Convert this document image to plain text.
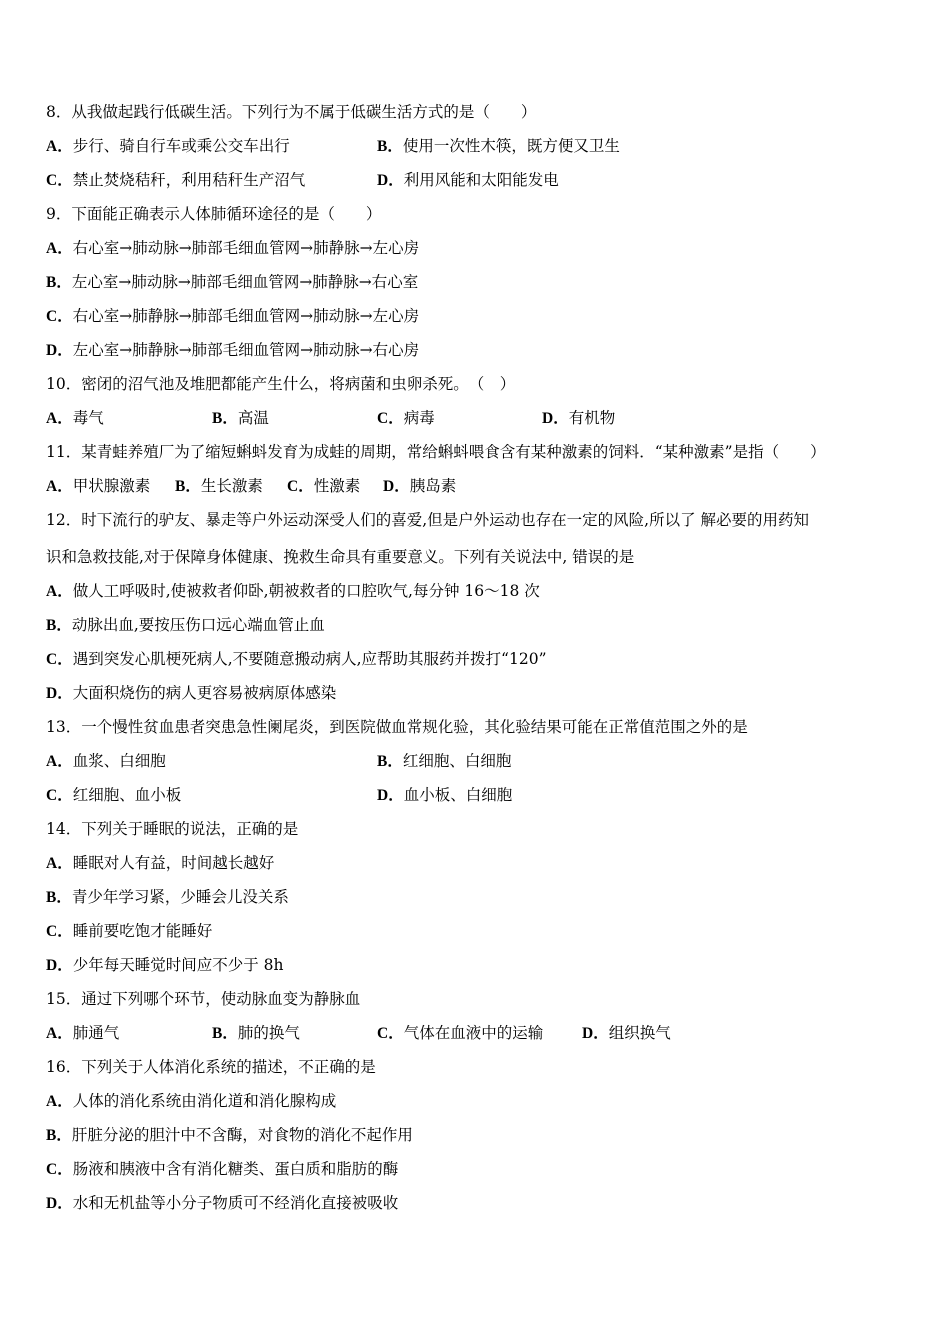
8．从我做起践行低碳生活。下列行为不属于低碳生活方式的是（　　）
A．步行、骑自行车或乘公交车出行	B．使用一次性木筷，既方便又卫生
C．禁止焚烧秸秆，利用秸秆生产沼气	D．利用风能和太阳能发电
9．下面能正确表示人体肺循环途径的是（　　）
A．右心室→肺动脉→肺部毛细血管网→肺静脉→左心房
B．左心室→肺动脉→肺部毛细血管网→肺静脉→右心室
C．右心室→肺静脉→肺部毛细血管网→肺动脉→左心房
D．左心室→肺静脉→肺部毛细血管网→肺动脉→右心房
10．密闭的沼气池及堆肥都能产生什么，将病菌和虫卵杀死。　（　）
A．毒气	B．高温	C．病毒	D．有机物
11．某青蛙养殖厂为了缩短蝌蚪发育为成蛙的周期，常给蝌蚪喂食含有某种激素的饲料．“某种激素”是指（　　）
A．甲状腺激素 B．生长激素 C．性激素 D．胰岛素
12．时下流行的驴友、暴走等户外运动深受人们的喜爱,但是户外运动也存在一定的风险,所以了 解必要的用药知
识和急救技能,对于保障身体健康、挽救生命具有重要意义。下列有关说法中, 错误的是
A．做人工呼吸时,使被救者仰卧,朝被救者的口腔吹气,每分钟 16～18 次
B．动脉出血,要按压伤口远心端血管止血
C．遇到突发心肌梗死病人,不要随意搬动病人,应帮助其服药并拨打“120”
D．大面积烧伤的病人更容易被病原体感染
13．一个慢性贫血患者突患急性阑尾炎，到医院做血常规化验，其化验结果可能在正常值范围之外的是
A．血浆、白细胞	B．红细胞、白细胞
C．红细胞、血小板	D．血小板、白细胞
14．下列关于睡眠的说法，正确的是
A．睡眠对人有益，时间越长越好
B．青少年学习紧，少睡会儿没关系
C．睡前要吃饱才能睡好
D．少年每天睡觉时间应不少于 8h
15．通过下列哪个环节，使动脉血变为静脉血
A．肺通气	B．肺的换气	C．气体在血液中的运输	D．组织换气
16．下列关于人体消化系统的描述，不正确的是
A．人体的消化系统由消化道和消化腺构成
B．肝脏分泌的胆汁中不含酶，对食物的消化不起作用
C．肠液和胰液中含有消化糖类、蛋白质和脂肪的酶
D．水和无机盐等小分子物质可不经消化直接被吸收
